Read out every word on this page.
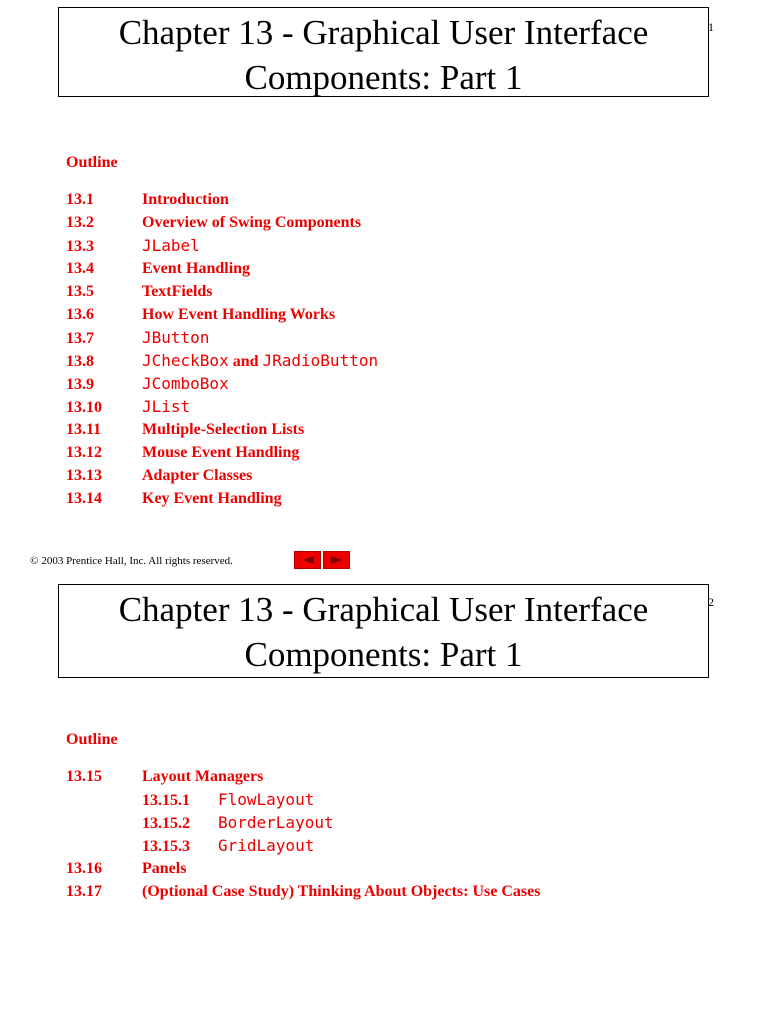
Chapter 13 - Graphical User Interface
Components: Part 1
1
Outline
13.1	Introduction
13.2	Overview of Swing Components
13.3	JLabel
13.4	Event Handling
13.5	TextFields
13.6	How Event Handling Works
13.7	JButton
13.8	JCheckBox and JRadioButton
13.9	JComboBox
13.10	JList
13.11	Multiple-Selection Lists
13.12	Mouse Event Handling
13.13	Adapter Classes
13.14	Key Event Handling
© 2003 Prentice Hall, Inc. All rights reserved.
Chapter 13 - Graphical User Interface
Components: Part 1
2
Outline
13.15	Layout Managers
13.15.1 FlowLayout
13.15.2 BorderLayout
13.15.3 GridLayout
13.16	Panels
13.17	(Optional Case Study) Thinking About Objects: Use Cases
